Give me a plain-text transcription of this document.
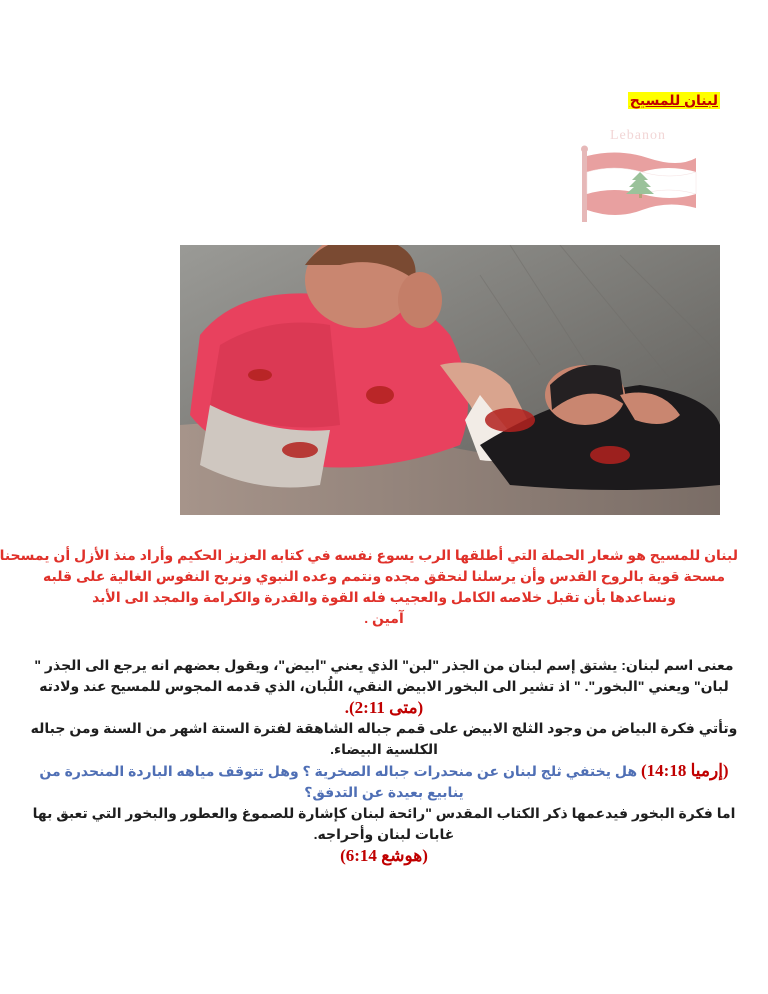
لبنان للمسيح
Lebanon
لبنان للمسيح هو شعار الحملة التي أطلقها الرب يسوع نفسه في كتابه العزيز الحكيم وأراد منذ الأزل أن يمسحنا
مسحة قوية بالروح القدس وأن يرسلنا لنحقق مجده ونتمم وعده النبوي ونربح النفوس الغالية على قلبه
ونساعدها بأن تقبل خلاصه الكامل والعجيب فله القوة والقدرة والكرامة والمجد الى الأبد
آمين .
معنى اسم لبنان: يشتق إسم لبنان من الجذر "لبن" الذي يعني "ابيض"، ويقول بعضهم انه يرجع الى الجذر "
لبان" ويعني "البخور". " اذ تشير الى البخور الابيض النقي، اللُبان، الذي قدمه المجوس للمسيح عند ولادته
(متى 2:11).
وتأتي فكرة البياض من وجود الثلج الابيض على قمم جباله الشاهقة لفترة الستة اشهر من السنة ومن جباله
الكلسية البيضاء.
(إرميا 14:18) هل يختفي ثلج لبنان عن منحدرات جباله الصخرية ؟ وهل تتوقف مياهه الباردة المنحدرة من
ينابيع بعيدة عن التدفق؟
اما فكرة البخور فيدعمها ذكر الكتاب المقدس "رائحة لبنان كإشارة للصموغ والعطور والبخور التي تعبق بها
غابات لبنان وأحراجه.
(هوشع 6:14)
